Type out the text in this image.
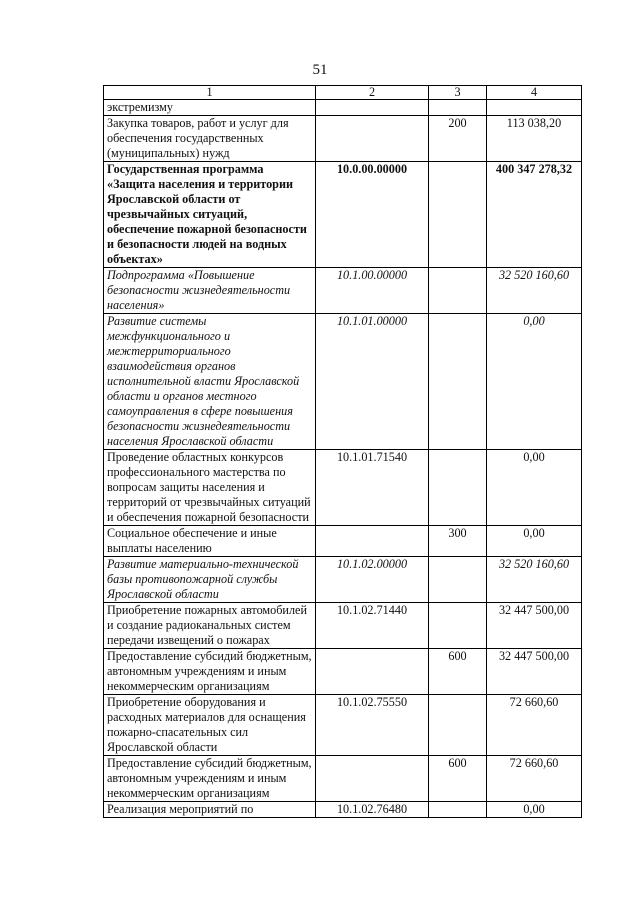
51
1	2	3	4
экстремизму			
Закупка товаров, работ и услуг для обеспечения государственных (муниципальных) нужд		200	113 038,20
Государственная программа «Защита населения и территории Ярославской области от чрезвычайных ситуаций, обеспечение пожарной безопасности и безопасности людей на водных объектах»	10.0.00.00000		400 347 278,32
Подпрограмма «Повышение безопасности жизнедеятельности населения»	10.1.00.00000		32 520 160,60
Развитие системы межфункционального и межтерриториального взаимодействия органов исполнительной власти Ярославской области и органов местного самоуправления в сфере повышения безопасности жизнедеятельности населения Ярославской области	10.1.01.00000		0,00
Проведение областных конкурсов профессионального мастерства по вопросам защиты населения и территорий от чрезвычайных ситуаций и обеспечения пожарной безопасности	10.1.01.71540		0,00
Социальное обеспечение и иные выплаты населению		300	0,00
Развитие материально-технической базы противопожарной службы Ярославской области	10.1.02.00000		32 520 160,60
Приобретение пожарных автомобилей и создание радиоканальных систем передачи извещений о пожарах	10.1.02.71440		32 447 500,00
Предоставление субсидий бюджетным, автономным учреждениям и иным некоммерческим организациям		600	32 447 500,00
Приобретение оборудования и расходных материалов для оснащения пожарно-спасательных сил Ярославской области	10.1.02.75550		72 660,60
Предоставление субсидий бюджетным, автономным учреждениям и иным некоммерческим организациям		600	72 660,60
Реализация мероприятий по	10.1.02.76480		0,00
